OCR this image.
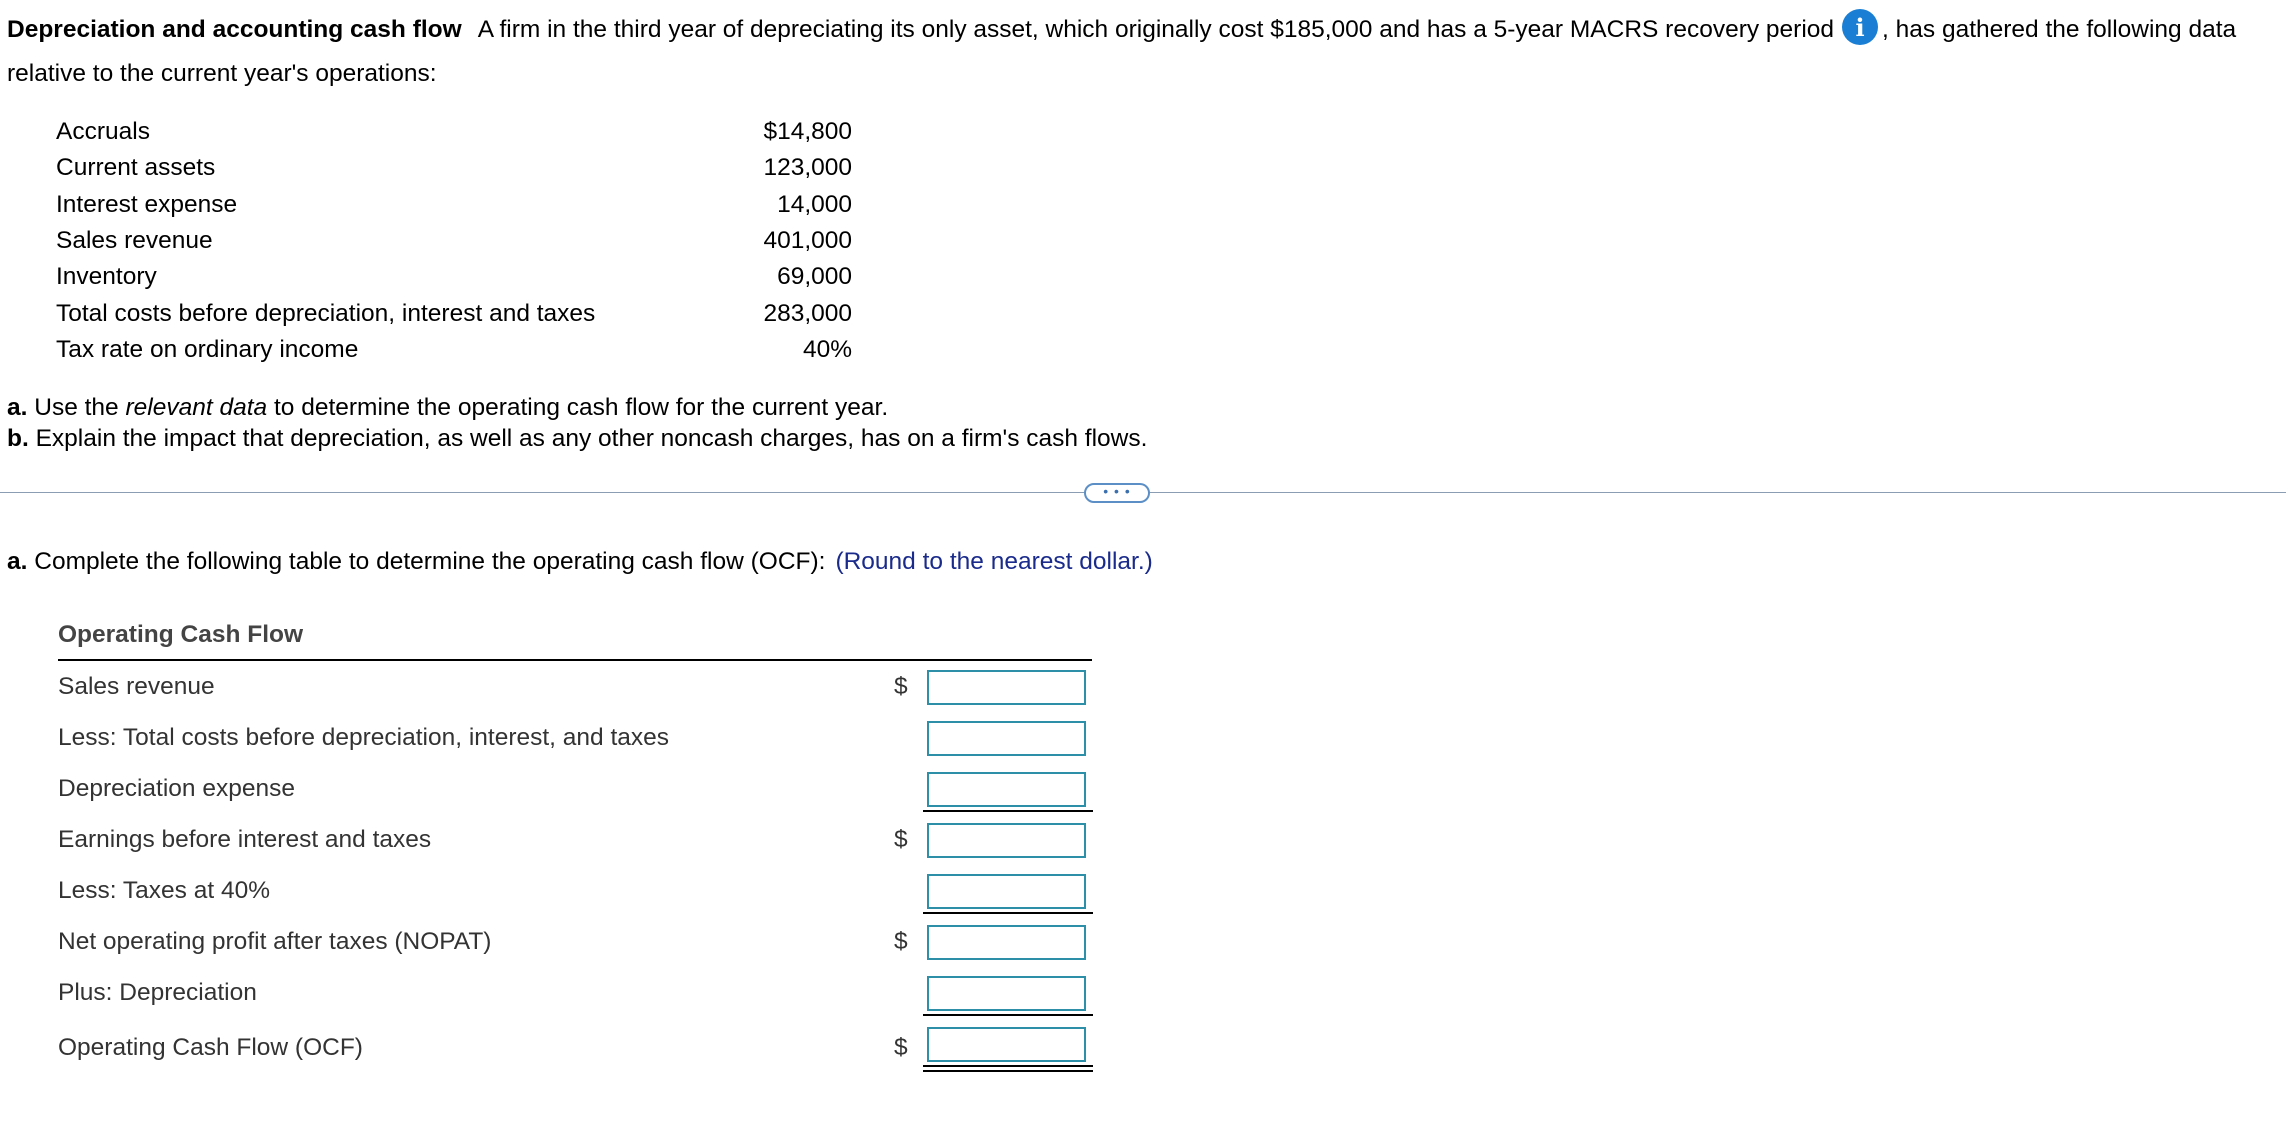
Depreciation and accounting cash flow A firm in the third year of depreciating its only asset, which originally cost $185,000 and has a 5-year MACRS recovery period i , has gathered the following data relative to the current year's operations:
Accruals	$14,800
Current assets	123,000
Interest expense	14,000
Sales revenue	401,000
Inventory	69,000
Total costs before depreciation, interest and taxes	283,000
Tax rate on ordinary income	40%
a. Use the relevant data to determine the operating cash flow for the current year.
b. Explain the impact that depreciation, as well as any other noncash charges, has on a firm's cash flows.
• • •
a. Complete the following table to determine the operating cash flow (OCF): (Round to the nearest dollar.)
Operating Cash Flow
Sales revenue	$
Less: Total costs before depreciation, interest, and taxes
Depreciation expense
Earnings before interest and taxes	$
Less: Taxes at 40%
Net operating profit after taxes (NOPAT)	$
Plus: Depreciation
Operating Cash Flow (OCF)	$
